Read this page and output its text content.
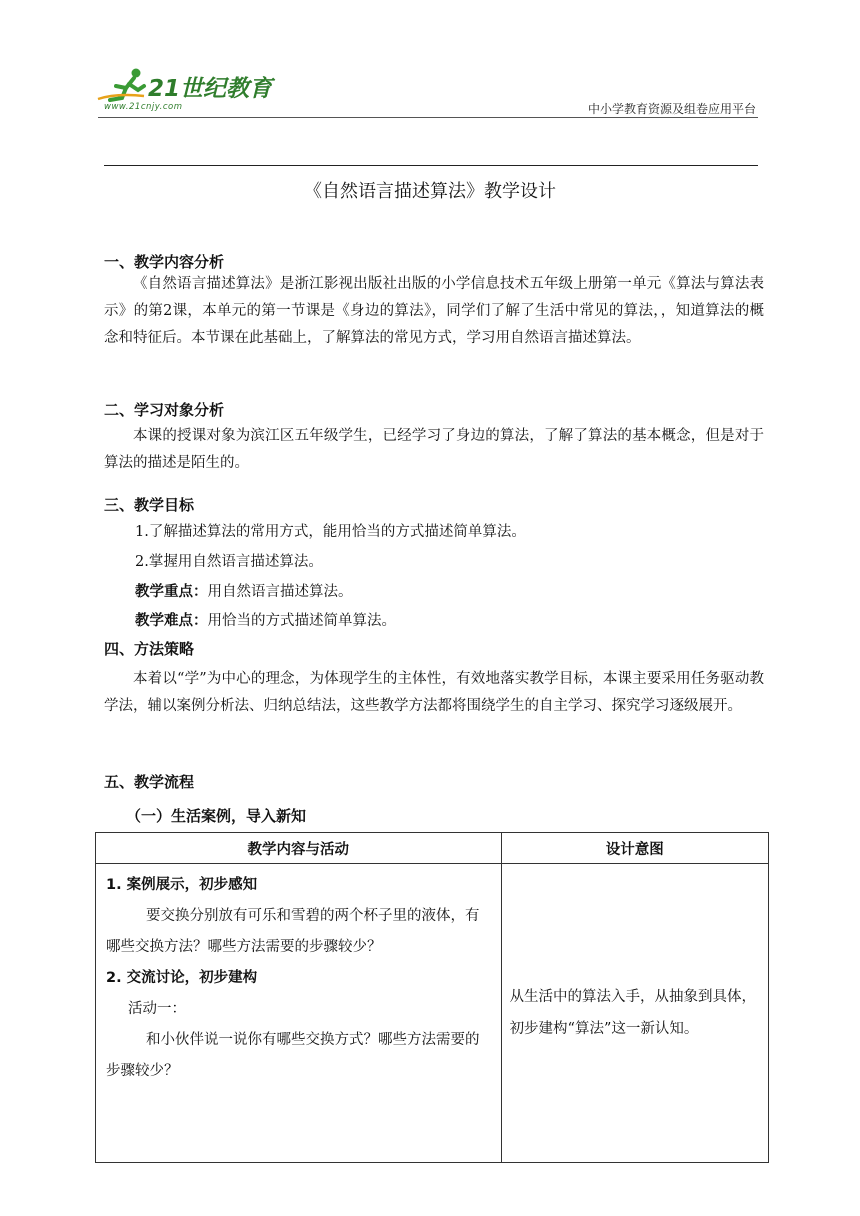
21世纪教育
www.21cnjy.com	中小学教育资源及组卷应用平台
《自然语言描述算法》教学设计
一、教学内容分析

《自然语言描述算法》是浙江影视出版社出版的小学信息技术五年级上册第一单元《算法与算法表示》的第2课，本单元的第一节课是《身边的算法》，同学们了解了生活中常见的算法，，知道算法的概念和特征后。本节课在此基础上，了解算法的常见方式，学习用自然语言描述算法。

二、学习对象分析

本课的授课对象为滨江区五年级学生，已经学习了身边的算法，了解了算法的基本概念，但是对于算法的描述是陌生的。

三、教学目标
1.了解描述算法的常用方式，能用恰当的方式描述简单算法。
2.掌握用自然语言描述算法。
教学重点：用自然语言描述算法。
教学难点：用恰当的方式描述简单算法。
四、方法策略

本着以“学”为中心的理念，为体现学生的主体性，有效地落实教学目标，本课主要采用任务驱动教学法，辅以案例分析法、归纳总结法，这些教学方法都将围绕学生的自主学习、探究学习逐级展开。

五、教学流程
（一）生活案例，导入新知
教学内容与活动	设计意图

1. 案例展示，初步感知
要交换分别放有可乐和雪碧的两个杯子里的液体，有哪些交换方法？哪些方法需要的步骤较少？
2. 交流讨论，初步建构
活动一：
和小伙伴说一说你有哪些交换方式？哪些方法需要的步骤较少？	从生活中的算法入手，从抽象到具体，初步建构“算法”这一新认知。
